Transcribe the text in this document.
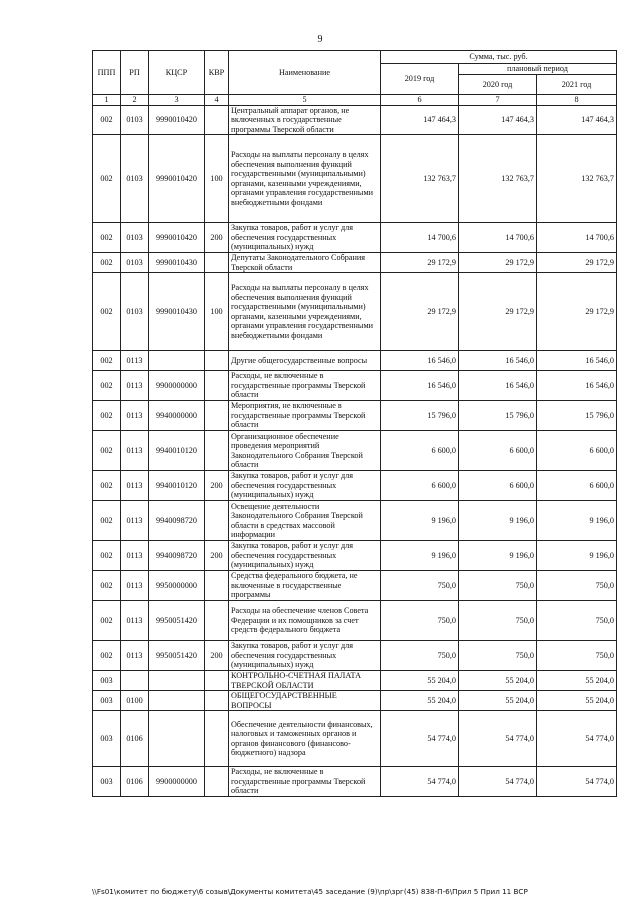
9
ППП	РП	КЦСР	КВР	Наименование	Сумма, тыс. руб.		
					2019 год	плановый период	
						2020 год	2021 год
1	2	3	4	5	6	7	8
002	0103	9990010420		Центральный аппарат органов, не включенных в государственные программы Тверской области	147 464,3	147 464,3	147 464,3
002	0103	9990010420	100	Расходы на выплаты персоналу в целях обеспечения выполнения функций государственными (муниципальными) органами, казенными учреждениями, органами управления государственными внебюджетными фондами	132 763,7	132 763,7	132 763,7
002	0103	9990010420	200	Закупка товаров, работ и услуг для обеспечения государственных (муниципальных) нужд	14 700,6	14 700,6	14 700,6
002	0103	9990010430		Депутаты Законодательного Собрания Тверской области	29 172,9	29 172,9	29 172,9
002	0103	9990010430	100	Расходы на выплаты персоналу в целях обеспечения выполнения функций государственными (муниципальными) органами, казенными учреждениями, органами управления государственными внебюджетными фондами	29 172,9	29 172,9	29 172,9
002	0113			Другие общегосударственные вопросы	16 546,0	16 546,0	16 546,0
002	0113	9900000000		Расходы, не включенные в государственные программы Тверской области	16 546,0	16 546,0	16 546,0
002	0113	9940000000		Мероприятия, не включенные в государственные программы Тверской области	15 796,0	15 796,0	15 796,0
002	0113	9940010120		Организационное обеспечение проведения мероприятий Законодательного Собрания Тверской области	6 600,0	6 600,0	6 600,0
002	0113	9940010120	200	Закупка товаров, работ и услуг для обеспечения государственных (муниципальных) нужд	6 600,0	6 600,0	6 600,0
002	0113	9940098720		Освещение деятельности Законодательного Собрания Тверской области в средствах массовой информации	9 196,0	9 196,0	9 196,0
002	0113	9940098720	200	Закупка товаров, работ и услуг для обеспечения государственных (муниципальных) нужд	9 196,0	9 196,0	9 196,0
002	0113	9950000000		Средства федерального бюджета, не включенные в государственные программы	750,0	750,0	750,0
002	0113	9950051420		Расходы на обеспечение членов Совета Федерации и их помощников за счет средств федерального бюджета	750,0	750,0	750,0
002	0113	9950051420	200	Закупка товаров, работ и услуг для обеспечения государственных (муниципальных) нужд	750,0	750,0	750,0
003				КОНТРОЛЬНО-СЧЕТНАЯ ПАЛАТА ТВЕРСКОЙ ОБЛАСТИ	55 204,0	55 204,0	55 204,0
003	0100			ОБЩЕГОСУДАРСТВЕННЫЕ ВОПРОСЫ	55 204,0	55 204,0	55 204,0
003	0106			Обеспечение деятельности финансовых, налоговых и таможенных органов и органов финансового (финансово-бюджетного) надзора	54 774,0	54 774,0	54 774,0
003	0106	9900000000		Расходы, не включенные в государственные программы Тверской области	54 774,0	54 774,0	54 774,0
\\Fs01\комитет по бюджету\6 созыв\Документы комитета\45 заседание (9)\пр\зрг(45) 838-П-6\Прил 5 Прил 11 ВСР
